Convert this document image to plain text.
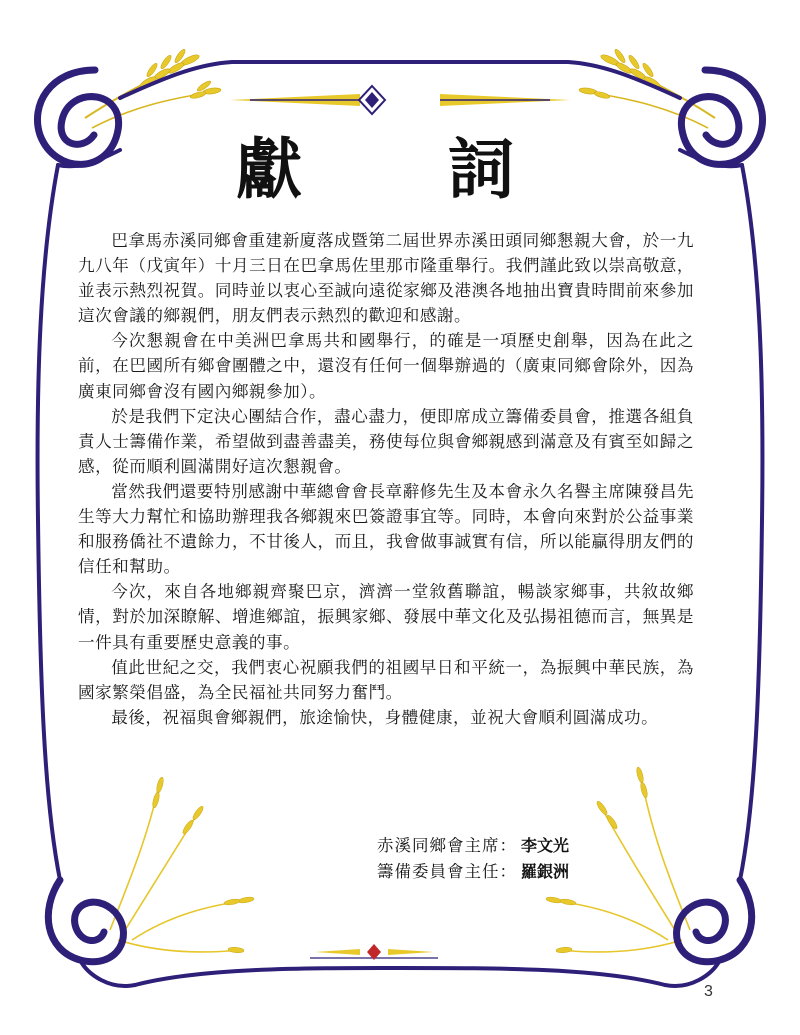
獻 詞

巴拿馬赤溪同鄉會重建新廈落成暨第二屆世界赤溪田頭同鄉懇親大會，於一九九八年（戊寅年）十月三日在巴拿馬佐里那市隆重舉行。我們謹此致以崇高敬意，並表示熱烈祝賀。同時並以衷心至誠向遠從家鄉及港澳各地抽出寶貴時間前來參加這次會議的鄉親們，朋友們表示熱烈的歡迎和感謝。

今次懇親會在中美洲巴拿馬共和國舉行，的確是一項歷史創舉，因為在此之前，在巴國所有鄉會團體之中，還沒有任何一個舉辦過的（廣東同鄉會除外，因為廣東同鄉會沒有國內鄉親參加）。

於是我們下定決心團結合作，盡心盡力，便即席成立籌備委員會，推選各組負責人士籌備作業，希望做到盡善盡美，務使每位與會鄉親感到滿意及有賓至如歸之感，從而順利圓滿開好這次懇親會。

當然我們還要特別感謝中華總會會長章辭修先生及本會永久名譽主席陳發昌先生等大力幫忙和協助辦理我各鄉親來巴簽證事宜等。同時，本會向來對於公益事業和服務僑社不遺餘力，不甘後人，而且，我會做事誠實有信，所以能贏得朋友們的信任和幫助。

今次，來自各地鄉親齊聚巴京，濟濟一堂敘舊聯誼，暢談家鄉事，共敘故鄉情，對於加深瞭解、增進鄉誼，振興家鄉、發展中華文化及弘揚祖德而言，無異是一件具有重要歷史意義的事。

值此世紀之交，我們衷心祝願我們的祖國早日和平統一，為振興中華民族，為國家繁榮倡盛，為全民福祉共同努力奮鬥。

最後，祝福與會鄉親們，旅途愉快，身體健康，並祝大會順利圓滿成功。

赤溪同鄉會主席： 李文光
籌備委員會主任： 羅銀洲
3
